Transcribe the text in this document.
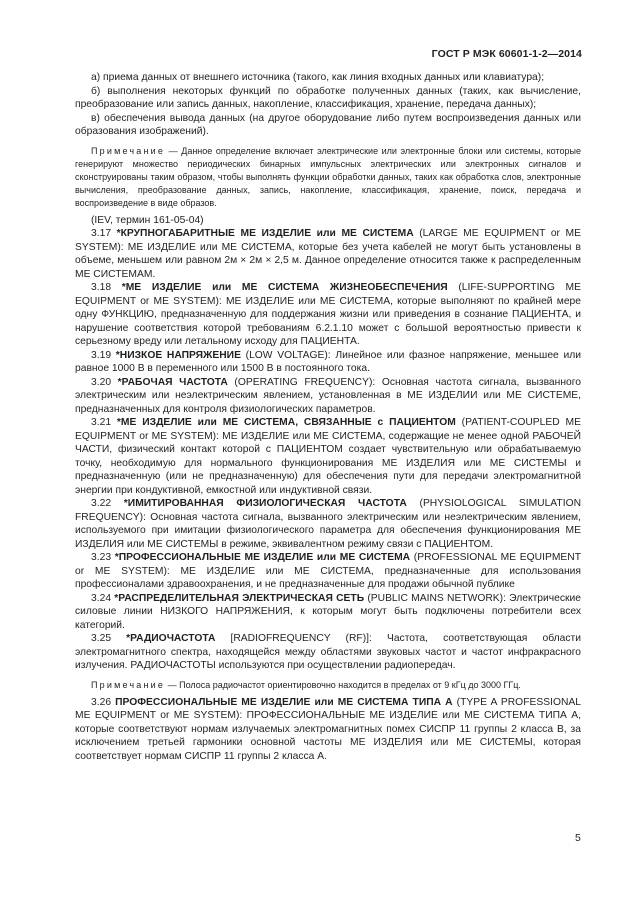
ГОСТ Р МЭК 60601-1-2—2014

а) приема данных от внешнего источника (такого, как линия входных данных или клавиатура);

б) выполнения некоторых функций по обработке полученных данных (таких, как вычисление, преобразование или запись данных, накопление, классификация, хранение, передача данных);

в) обеспечения вывода данных (на другое оборудование либо путем воспроизведения данных или образования изображений).

Примечание — Данное определение включает электрические или электронные блоки или системы, которые генерируют множество периодических бинарных импульсных электрических или электронных сигналов и сконструированы таким образом, чтобы выполнять функции обработки данных, таких как обработка слов, электронные вычисления, преобразование данных, запись, накопление, классификация, хранение, поиск, передача и воспроизведение в виде образов.

(IEV, термин 161-05-04)

3.17 *КРУПНОГАБАРИТНЫЕ МЕ ИЗДЕЛИЕ или МЕ СИСТЕМА (LARGE ME EQUIPMENT or ME SYSTEM): МЕ ИЗДЕЛИЕ или МЕ СИСТЕМА, которые без учета кабелей не могут быть установлены в объеме, меньшем или равном 2м × 2м × 2,5 м. Данное определение относится также к распределенным МЕ СИСТЕМАМ.

3.18 *МЕ ИЗДЕЛИЕ или МЕ СИСТЕМА ЖИЗНЕОБЕСПЕЧЕНИЯ (LIFE-SUPPORTING ME EQUIPMENT or ME SYSTEM): МЕ ИЗДЕЛИЕ или МЕ СИСТЕМА, которые выполняют по крайней мере одну ФУНКЦИЮ, предназначенную для поддержания жизни или приведения в сознание ПАЦИЕНТА, и нарушение соответствия которой требованиям 6.2.1.10 может с большой вероятностью привести к серьезному вреду или летальному исходу для ПАЦИЕНТА.

3.19 *НИЗКОЕ НАПРЯЖЕНИЕ (LOW VOLTAGE): Линейное или фазное напряжение, меньшее или равное 1000 В в переменного или 1500 В в постоянного тока.

3.20 *РАБОЧАЯ ЧАСТОТА (OPERATING FREQUENCY): Основная частота сигнала, вызванного электрическим или неэлектрическим явлением, установленная в МЕ ИЗДЕЛИИ или МЕ СИСТЕМЕ, предназначенных для контроля физиологических параметров.

3.21 *МЕ ИЗДЕЛИЕ или МЕ СИСТЕМА, СВЯЗАННЫЕ с ПАЦИЕНТОМ (PATIENT-COUPLED ME EQUIPMENT or ME SYSTEM): МЕ ИЗДЕЛИЕ или МЕ СИСТЕМА, содержащие не менее одной РАБОЧЕЙ ЧАСТИ, физический контакт которой с ПАЦИЕНТОМ создает чувствительную или обрабатываемую точку, необходимую для нормального функционирования МЕ ИЗДЕЛИЯ или МЕ СИСТЕМЫ и предназначенную (или не предназначенную) для обеспечения пути для передачи электромагнитной энергии при кондуктивной, емкостной или индуктивной связи.

3.22 *ИМИТИРОВАННАЯ ФИЗИОЛОГИЧЕСКАЯ ЧАСТОТА (PHYSIOLOGICAL SIMULATION FREQUENCY): Основная частота сигнала, вызванного электрическим или неэлектрическим явлением, используемого при имитации физиологического параметра для обеспечения функционирования МЕ ИЗДЕЛИЯ или МЕ СИСТЕМЫ в режиме, эквивалентном режиму связи с ПАЦИЕНТОМ.

3.23 *ПРОФЕССИОНАЛЬНЫЕ МЕ ИЗДЕЛИЕ или МЕ СИСТЕМА (PROFESSIONAL ME EQUIPMENT or ME SYSTEM): МЕ ИЗДЕЛИЕ или МЕ СИСТЕМА, предназначенные для использования профессионалами здравоохранения, и не предназначенные для продажи обычной публике

3.24 *РАСПРЕДЕЛИТЕЛЬНАЯ ЭЛЕКТРИЧЕСКАЯ СЕТЬ (PUBLIC MAINS NETWORK): Электрические силовые линии НИЗКОГО НАПРЯЖЕНИЯ, к которым могут быть подключены потребители всех категорий.

3.25 *РАДИОЧАСТОТА [RADIOFREQUENCY (RF)]: Частота, соответствующая области электромагнитного спектра, находящейся между областями звуковых частот и частот инфракрасного излучения. РАДИОЧАСТОТЫ используются при осуществлении радиопередач.

Примечание — Полоса радиочастот ориентировочно находится в пределах от 9 кГц до 3000 ГГц.

3.26 ПРОФЕССИОНАЛЬНЫЕ МЕ ИЗДЕЛИЕ или МЕ СИСТЕМА ТИПА А (TYPE A PROFESSIONAL ME EQUIPMENT or ME SYSTEM): ПРОФЕССИОНАЛЬНЫЕ МЕ ИЗДЕЛИЕ или МЕ СИСТЕМА ТИПА А, которые соответствуют нормам излучаемых электромагнитных помех СИСПР 11 группы 2 класса В, за исключением третьей гармоники основной частоты МЕ ИЗДЕЛИЯ или МЕ СИСТЕМЫ, которая соответствует нормам СИСПР 11 группы 2 класса А.

5
